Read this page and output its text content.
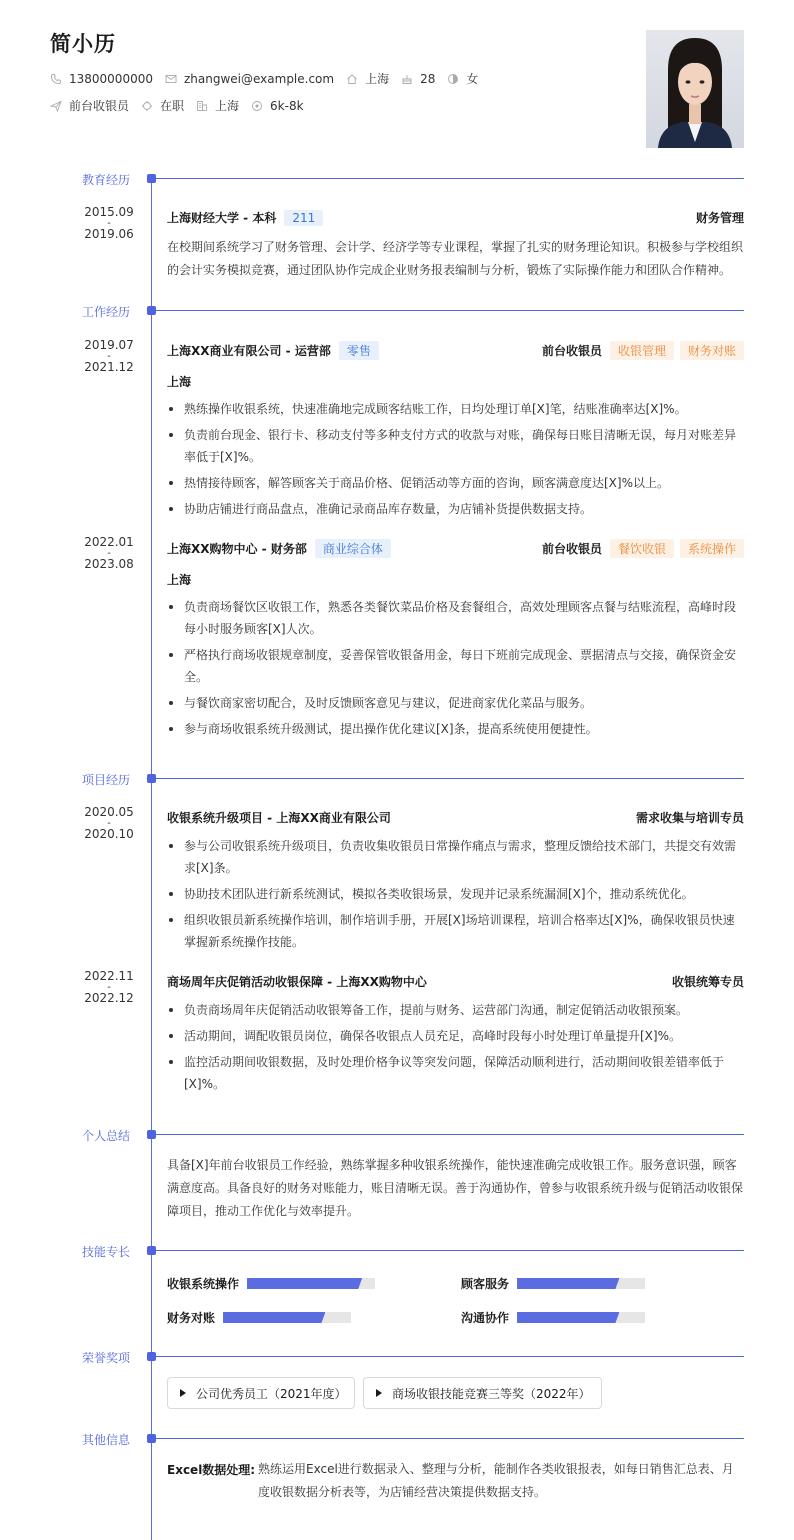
简小历
13800000000	zhangwei@example.com	上海	28	女
前台收银员	在职	上海	6k-8k
教育经历
2015.09
-
2019.06
上海财经大学 - 本科	211	财务管理
在校期间系统学习了财务管理、会计学、经济学等专业课程，掌握了扎实的财务理论知识。积极参与学校组织的会计实务模拟竞赛，通过团队协作完成企业财务报表编制与分析，锻炼了实际操作能力和团队合作精神。
工作经历
2019.07
-
2021.12
上海XX商业有限公司 - 运营部	零售	前台收银员	收银管理	财务对账
上海
熟练操作收银系统，快速准确地完成顾客结账工作，日均处理订单[X]笔，结账准确率达[X]%。
负责前台现金、银行卡、移动支付等多种支付方式的收款与对账，确保每日账目清晰无误，每月对账差异率低于[X]%。
热情接待顾客，解答顾客关于商品价格、促销活动等方面的咨询，顾客满意度达[X]%以上。
协助店铺进行商品盘点，准确记录商品库存数量，为店铺补货提供数据支持。
2022.01
-
2023.08
上海XX购物中心 - 财务部	商业综合体	前台收银员	餐饮收银	系统操作
上海
负责商场餐饮区收银工作，熟悉各类餐饮菜品价格及套餐组合，高效处理顾客点餐与结账流程，高峰时段每小时服务顾客[X]人次。
严格执行商场收银规章制度，妥善保管收银备用金，每日下班前完成现金、票据清点与交接，确保资金安全。
与餐饮商家密切配合，及时反馈顾客意见与建议，促进商家优化菜品与服务。
参与商场收银系统升级测试，提出操作优化建议[X]条，提高系统使用便捷性。
项目经历
2020.05
-
2020.10
收银系统升级项目 - 上海XX商业有限公司	需求收集与培训专员
参与公司收银系统升级项目，负责收集收银员日常操作痛点与需求，整理反馈给技术部门，共提交有效需求[X]条。
协助技术团队进行新系统测试，模拟各类收银场景，发现并记录系统漏洞[X]个，推动系统优化。
组织收银员新系统操作培训，制作培训手册，开展[X]场培训课程，培训合格率达[X]%，确保收银员快速掌握新系统操作技能。
2022.11
-
2022.12
商场周年庆促销活动收银保障 - 上海XX购物中心	收银统筹专员
负责商场周年庆促销活动收银筹备工作，提前与财务、运营部门沟通，制定促销活动收银预案。
活动期间，调配收银员岗位，确保各收银点人员充足，高峰时段每小时处理订单量提升[X]%。
监控活动期间收银数据，及时处理价格争议等突发问题，保障活动顺利进行，活动期间收银差错率低于[X]%。
个人总结
具备[X]年前台收银员工作经验，熟练掌握多种收银系统操作，能快速准确完成收银工作。服务意识强，顾客满意度高。具备良好的财务对账能力，账目清晰无误。善于沟通协作，曾参与收银系统升级与促销活动收银保障项目，推动工作优化与效率提升。
技能专长
收银系统操作	顾客服务
财务对账	沟通协作
荣誉奖项
公司优秀员工（2021年度）	商场收银技能竞赛三等奖（2022年）
其他信息
Excel数据处理: 熟练运用Excel进行数据录入、整理与分析，能制作各类收银报表，如每日销售汇总表、月度收银数据分析表等，为店铺经营决策提供数据支持。
